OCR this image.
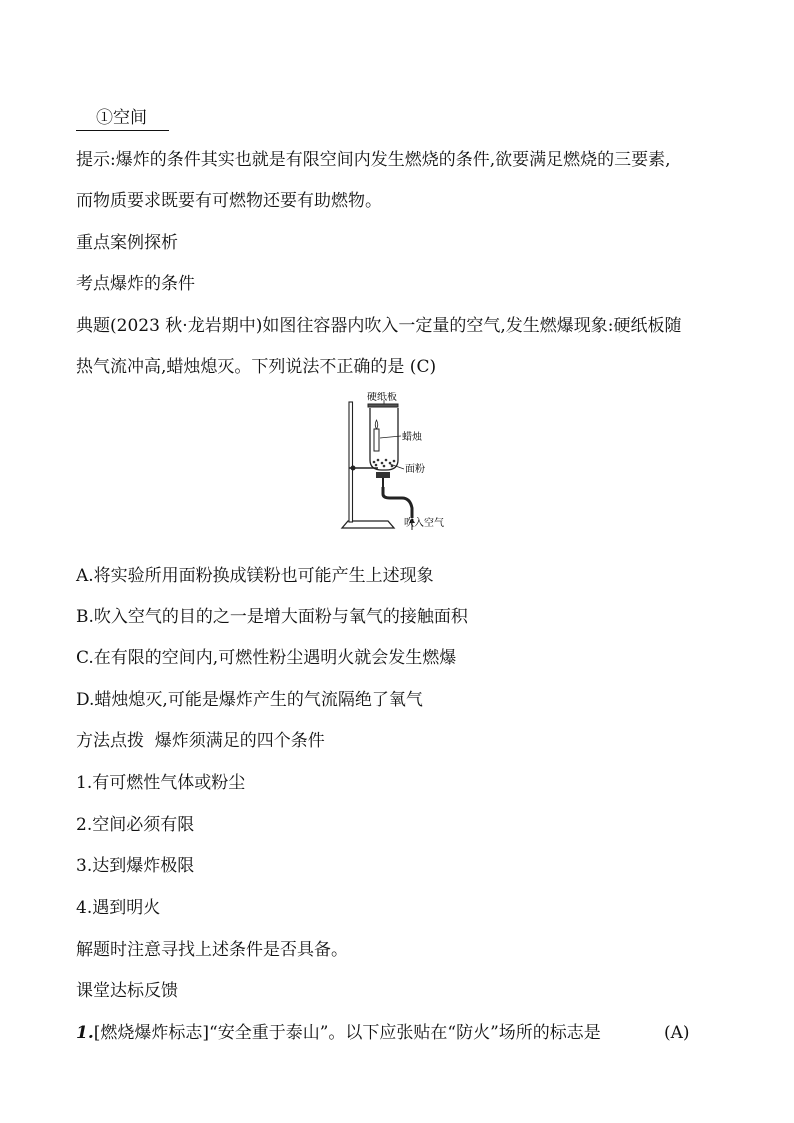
①空间
提示:爆炸的条件其实也就是有限空间内发生燃烧的条件,欲要满足燃烧的三要素,
而物质要求既要有可燃物还要有助燃物。
重点案例探析
考点爆炸的条件
典题(2023 秋·龙岩期中)如图往容器内吹入一定量的空气,发生燃爆现象:硬纸板随
热气流冲高,蜡烛熄灭。下列说法不正确的是 (C)
硬纸板
蜡烛
面粉
吹入空气
A.将实验所用面粉换成镁粉也可能产生上述现象
B.吹入空气的目的之一是增大面粉与氧气的接触面积
C.在有限的空间内,可燃性粉尘遇明火就会发生燃爆
D.蜡烛熄灭,可能是爆炸产生的气流隔绝了氧气
方法点拨  爆炸须满足的四个条件
1.有可燃性气体或粉尘
2.空间必须有限
3.达到爆炸极限
4.遇到明火
解题时注意寻找上述条件是否具备。
课堂达标反馈
1.[燃烧爆炸标志]“安全重于泰山”。以下应张贴在“防火”场所的标志是	(A)
